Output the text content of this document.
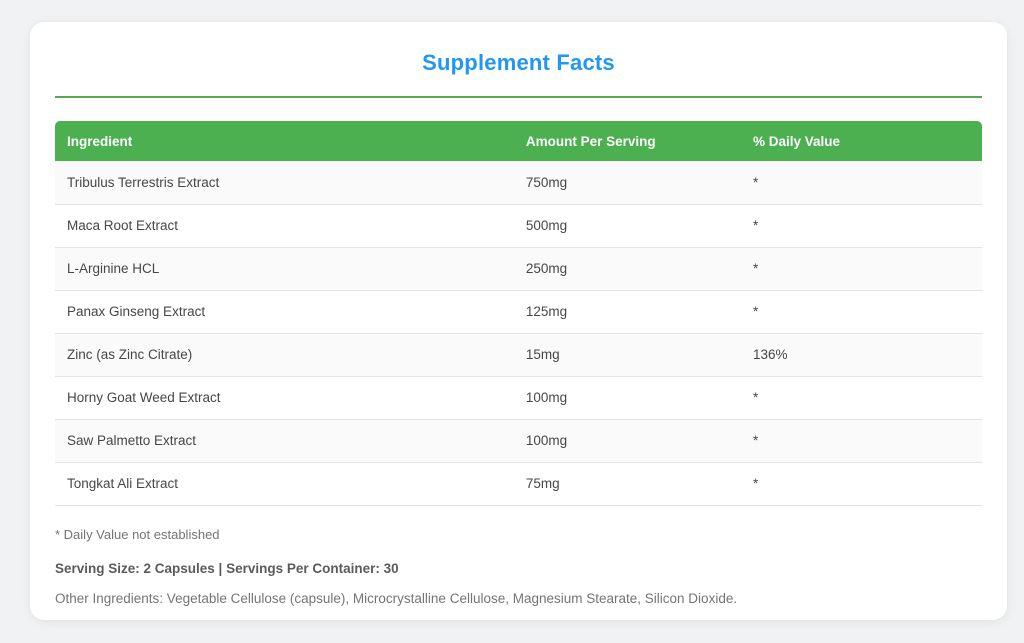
Supplement Facts
Ingredient	Amount Per Serving	% Daily Value
Tribulus Terrestris Extract	750mg	*
Maca Root Extract	500mg	*
L-Arginine HCL	250mg	*
Panax Ginseng Extract	125mg	*
Zinc (as Zinc Citrate)	15mg	136%
Horny Goat Weed Extract	100mg	*
Saw Palmetto Extract	100mg	*
Tongkat Ali Extract	75mg	*

* Daily Value not established

Serving Size: 2 Capsules | Servings Per Container: 30

Other Ingredients: Vegetable Cellulose (capsule), Microcrystalline Cellulose, Magnesium Stearate, Silicon Dioxide.
